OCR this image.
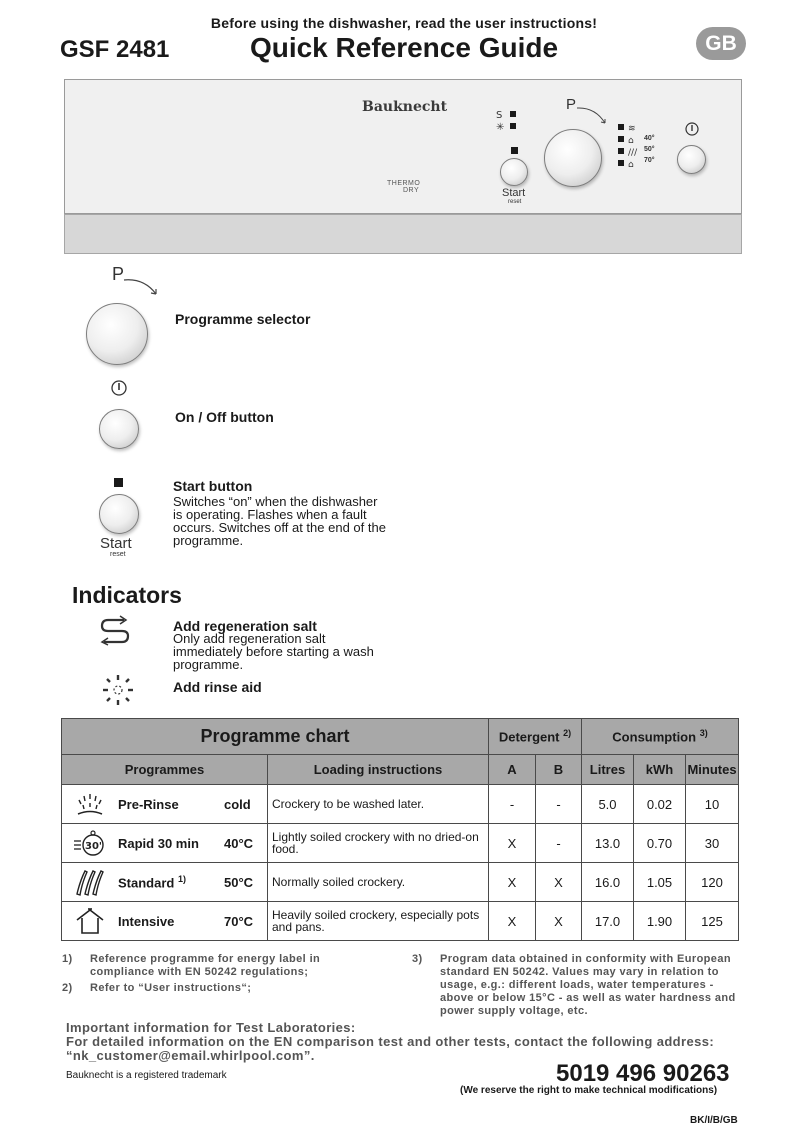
Before using the dishwasher, read the user instructions!
GSF 2481	Quick Reference Guide	GB
Bauknecht
THERMO
DRY
S
✳
Start
reset
P
≋
⌂
///
⌂
40°
50°
70°
P
Programme selector
On / Off button
Start
reset
Start button
Switches “on” when the dishwasher is operating. Flashes when a fault occurs. Switches off at the end of the programme.
Indicators
Add regeneration salt
Only add regeneration salt immediately before starting a wash programme.
Add rinse aid
Programme chart		Detergent $^{2)}$		Consumption $^{3)}$
Programmes	Loading instructions	A	B	Litres	kWh	Minutes

Pre-Rinse cold	Crockery to be washed later.	-	-	5.0	0.02	10

30' Rapid 30 min 40°C	Lightly soiled crockery with no dried-on food.	X	-	13.0	0.70	30

Standard $^{1)}$ 50°C	Normally soiled crockery.	X	X	16.0	1.05	120

Intensive 70°C	Heavily soiled crockery, especially pots and pans.	X	X	17.0	1.90	125
1)	Reference programme for energy label in compliance with EN 50242 regulations;
2)	Refer to “User instructions“;
3)	Program data obtained in conformity with European standard EN 50242. Values may vary in relation to usage, e.g.: different loads, water temperatures - above or below 15°C - as well as water hardness and power supply voltage, etc.
Important information for Test Laboratories:
For detailed information on the EN comparison test and other tests, contact the following address:
“nk_customer@email.whirlpool.com”.
Bauknecht is a registered trademark	5019 496 90263
(We reserve the right to make technical modifications)
BK/I/B/GB
